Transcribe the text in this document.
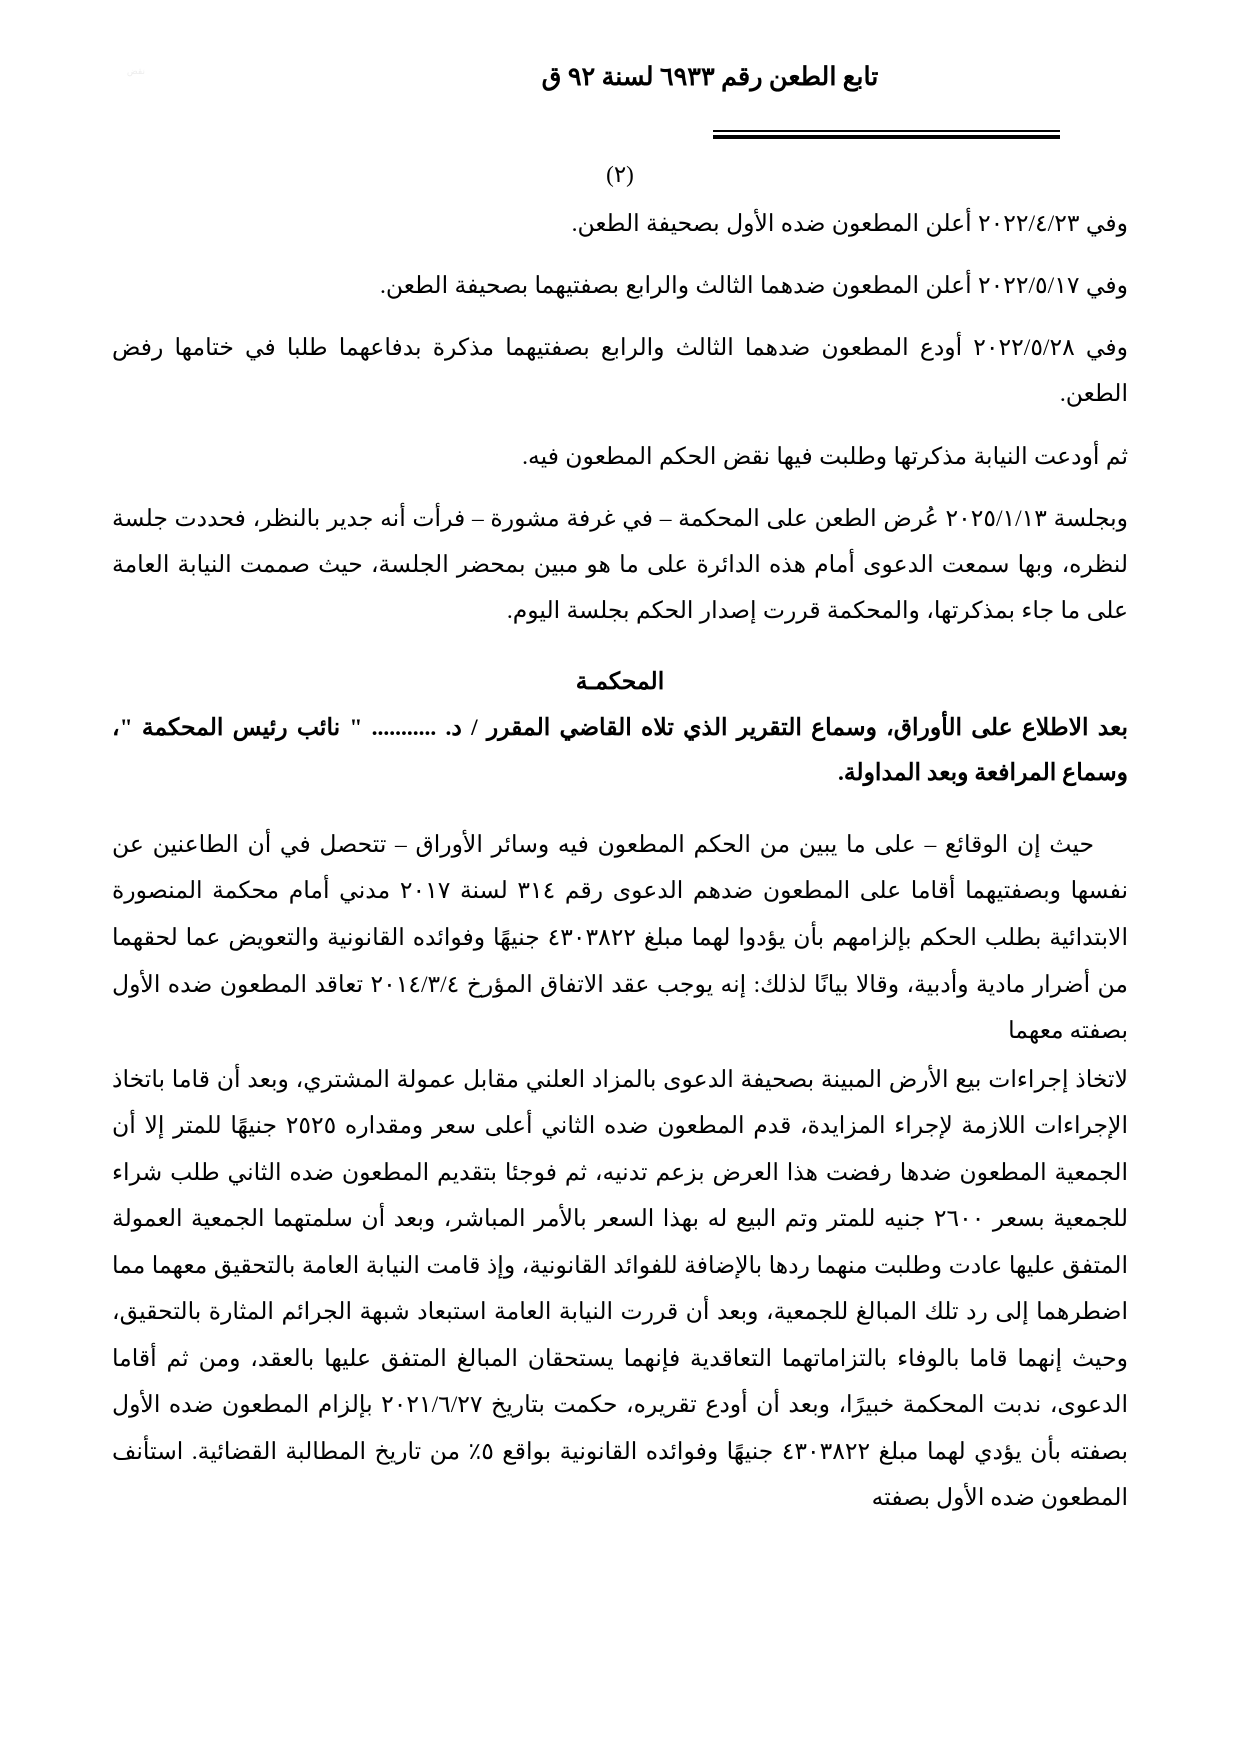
نقض	تابع الطعن رقم ٦٩٣٣ لسنة ٩٢ ق
(٢)

وفي ٢٠٢٢/٤/٢٣ أعلن المطعون ضده الأول بصحيفة الطعن.

وفي ٢٠٢٢/٥/١٧ أعلن المطعون ضدهما الثالث والرابع بصفتيهما بصحيفة الطعن.

وفي ٢٠٢٢/٥/٢٨ أودع المطعون ضدهما الثالث والرابع بصفتيهما مذكرة بدفاعهما طلبا في ختامها رفض الطعن.

ثم أودعت النيابة مذكرتها وطلبت فيها نقض الحكم المطعون فيه.

وبجلسة ٢٠٢٥/١/١٣ عُرض الطعن على المحكمة – في غرفة مشورة – فرأت أنه جدير بالنظر، فحددت جلسة لنظره، وبها سمعت الدعوى أمام هذه الدائرة على ما هو مبين بمحضر الجلسة، حيث صممت النيابة العامة على ما جاء بمذكرتها، والمحكمة قررت إصدار الحكم بجلسة اليوم.

المحكمـة

بعد الاطلاع على الأوراق، وسماع التقرير الذي تلاه القاضي المقرر / د. ........... " نائب رئيس المحكمة "، وسماع المرافعة وبعد المداولة.

حيث إن الوقائع – على ما يبين من الحكم المطعون فيه وسائر الأوراق – تتحصل في أن الطاعنين عن نفسها وبصفتيهما أقاما على المطعون ضدهم الدعوى رقم ٣١٤ لسنة ٢٠١٧ مدني أمام محكمة المنصورة الابتدائية بطلب الحكم بإلزامهم بأن يؤدوا لهما مبلغ ٤٣٠٣٨٢٢ جنيهًا وفوائده القانونية والتعويض عما لحقهما من أضرار مادية وأدبية، وقالا بيانًا لذلك: إنه يوجب عقد الاتفاق المؤرخ ٢٠١٤/٣/٤ تعاقد المطعون ضده الأول بصفته معهما

لاتخاذ إجراءات بيع الأرض المبينة بصحيفة الدعوى بالمزاد العلني مقابل عمولة المشتري، وبعد أن قاما باتخاذ الإجراءات اللازمة لإجراء المزايدة، قدم المطعون ضده الثاني أعلى سعر ومقداره ٢٥٢٥ جنيهًا للمتر إلا أن الجمعية المطعون ضدها رفضت هذا العرض بزعم تدنيه، ثم فوجئا بتقديم المطعون ضده الثاني طلب شراء للجمعية بسعر ٢٦٠٠ جنيه للمتر وتم البيع له بهذا السعر بالأمر المباشر، وبعد أن سلمتهما الجمعية العمولة المتفق عليها عادت وطلبت منهما ردها بالإضافة للفوائد القانونية، وإذ قامت النيابة العامة بالتحقيق معهما مما اضطرهما إلى رد تلك المبالغ للجمعية، وبعد أن قررت النيابة العامة استبعاد شبهة الجرائم المثارة بالتحقيق، وحيث إنهما قاما بالوفاء بالتزاماتهما التعاقدية فإنهما يستحقان المبالغ المتفق عليها بالعقد، ومن ثم أقاما الدعوى، ندبت المحكمة خبيرًا، وبعد أن أودع تقريره، حكمت بتاريخ ٢٠٢١/٦/٢٧ بإلزام المطعون ضده الأول بصفته بأن يؤدي لهما مبلغ ٤٣٠٣٨٢٢ جنيهًا وفوائده القانونية بواقع ٥٪ من تاريخ المطالبة القضائية. استأنف المطعون ضده الأول بصفته
